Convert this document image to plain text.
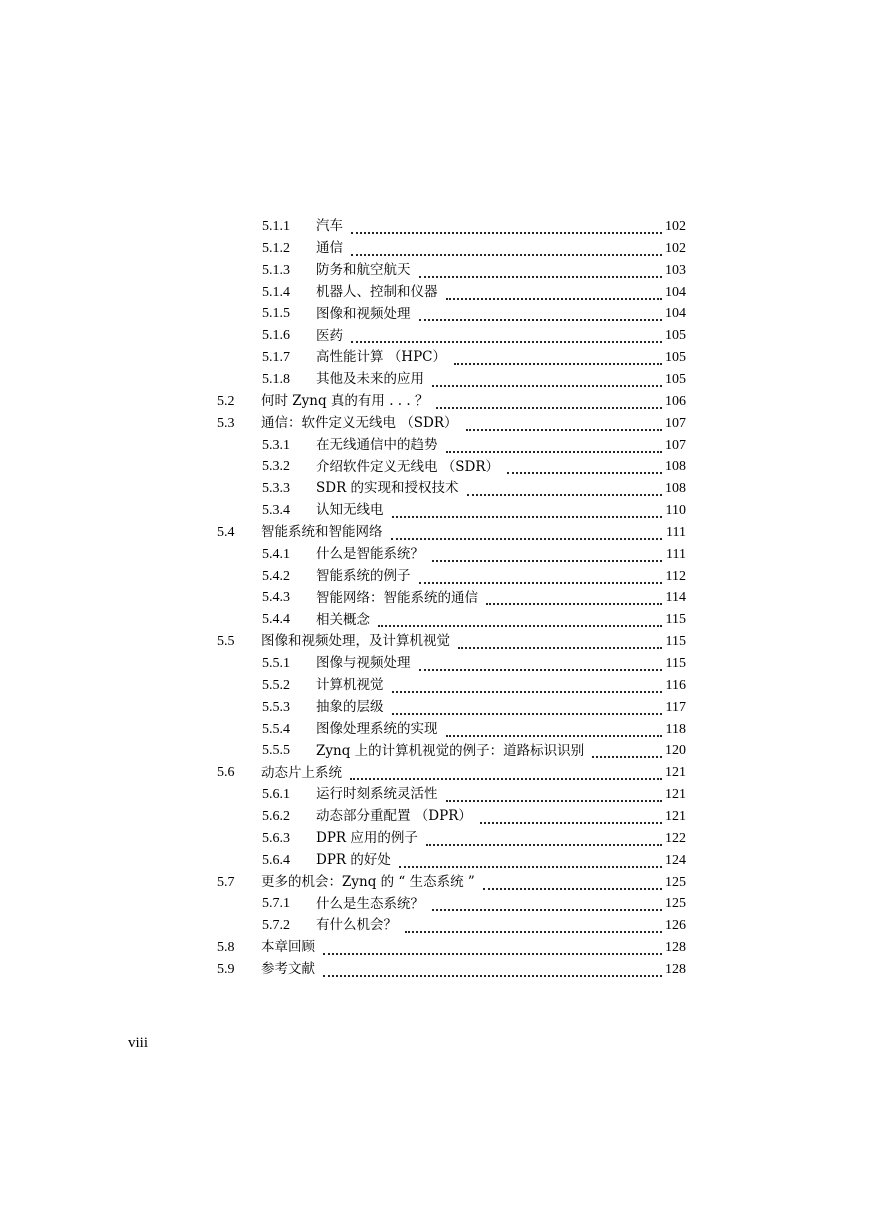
5.1.1	汽车	102
5.1.2	通信	102
5.1.3	防务和航空航天	103
5.1.4	机器人、控制和仪器	104
5.1.5	图像和视频处理	104
5.1.6	医药	105
5.1.7	高性能计算 （HPC）	105
5.1.8	其他及未来的应用	105
5.2	何时 Zynq 真的有用 . . . ？	106
5.3	通信：软件定义无线电 （SDR）	107
5.3.1	在无线通信中的趋势	107
5.3.2	介绍软件定义无线电 （SDR）	108
5.3.3	SDR 的实现和授权技术	108
5.3.4	认知无线电	110
5.4	智能系统和智能网络	111
5.4.1	什么是智能系统？	111
5.4.2	智能系统的例子	112
5.4.3	智能网络：智能系统的通信	114
5.4.4	相关概念	115
5.5	图像和视频处理，及计算机视觉	115
5.5.1	图像与视频处理	115
5.5.2	计算机视觉	116
5.5.3	抽象的层级	117
5.5.4	图像处理系统的实现	118
5.5.5	Zynq 上的计算机视觉的例子：道路标识识别	120
5.6	动态片上系统	121
5.6.1	运行时刻系统灵活性	121
5.6.2	动态部分重配置 （DPR）	121
5.6.3	DPR 应用的例子	122
5.6.4	DPR 的好处	124
5.7	更多的机会：Zynq 的 “ 生态系统 ”	125
5.7.1	什么是生态系统？	125
5.7.2	有什么机会？	126
5.8	本章回顾	128
5.9	参考文献	128
viii
